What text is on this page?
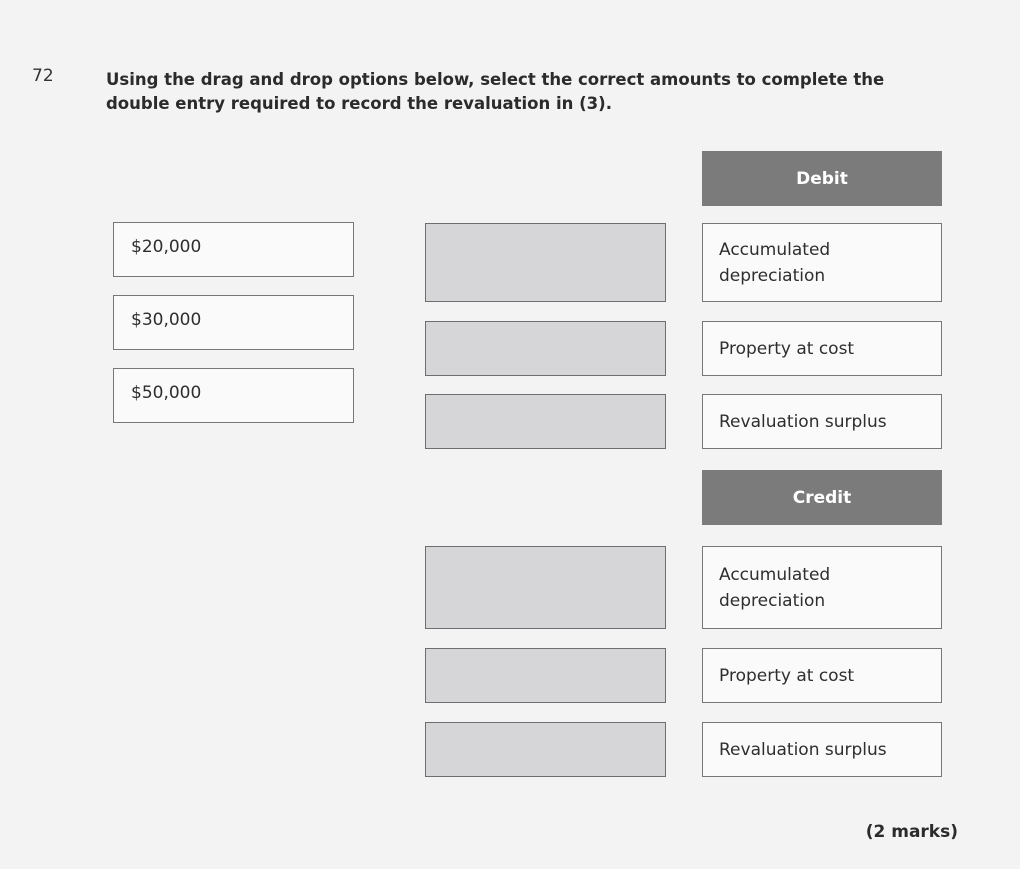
72	Using the drag and drop options below, select the correct amounts to complete the double entry required to record the revaluation in (3).
$20,000
$30,000
$50,000
Debit
Accumulated depreciation
Property at cost
Revaluation surplus
Credit
Accumulated depreciation
Property at cost
Revaluation surplus
(2 marks)
